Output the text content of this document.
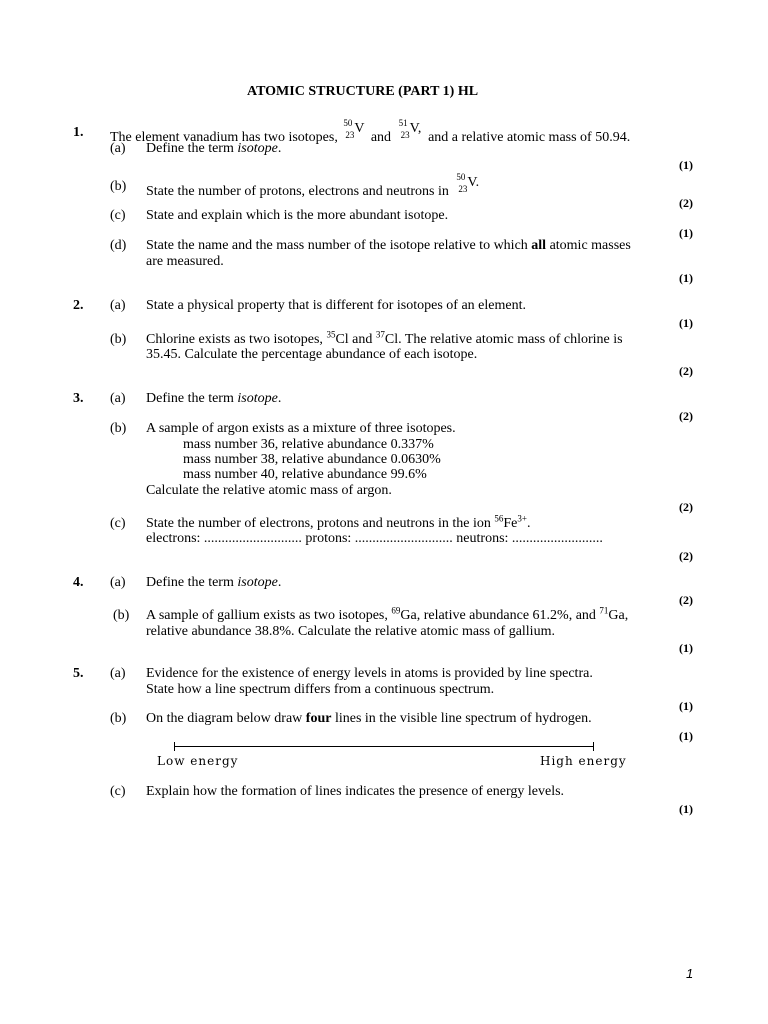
ATOMIC STRUCTURE (PART 1) HL
1. The element vanadium has two isotopes,
50
23 V
and
51
23 V,
and a relative atomic mass of 50.94.
(a) Define the term isotope.
(1)
(b) State the number of protons, electrons and neutrons in
50
23 V.
(2)
(c) State and explain which is the more abundant isotope.
(1)
(d) State the name and the mass number of the isotope relative to which all atomic masses
are measured.
(1)
2. (a) State a physical property that is different for isotopes of an element.
(1)
(b) Chlorine exists as two isotopes, $^{35}$Cl and $^{37}$Cl. The relative atomic mass of chlorine is
35.45. Calculate the percentage abundance of each isotope.
(2)
3. (a) Define the term isotope.
(2)
(b) A sample of argon exists as a mixture of three isotopes.
mass number 36, relative abundance 0.337%
mass number 38, relative abundance 0.0630%
mass number 40, relative abundance 99.6%
Calculate the relative atomic mass of argon.
(2)
(c) State the number of electrons, protons and neutrons in the ion $^{56}Fe^{3+}$.
electrons: ............................ protons: ............................ neutrons: ..........................
(2)
4. (a) Define the term isotope.
(2)
(b) A sample of gallium exists as two isotopes, $^{69}$Ga, relative abundance 61.2%, and $^{71}$Ga,
relative abundance 38.8%. Calculate the relative atomic mass of gallium.
(1)
5. (a) Evidence for the existence of energy levels in atoms is provided by line spectra.
State how a line spectrum differs from a continuous spectrum.
(1)
(b) On the diagram below draw four lines in the visible line spectrum of hydrogen.
(1)
Low energy	High energy
(c) Explain how the formation of lines indicates the presence of energy levels.
(1)
1
